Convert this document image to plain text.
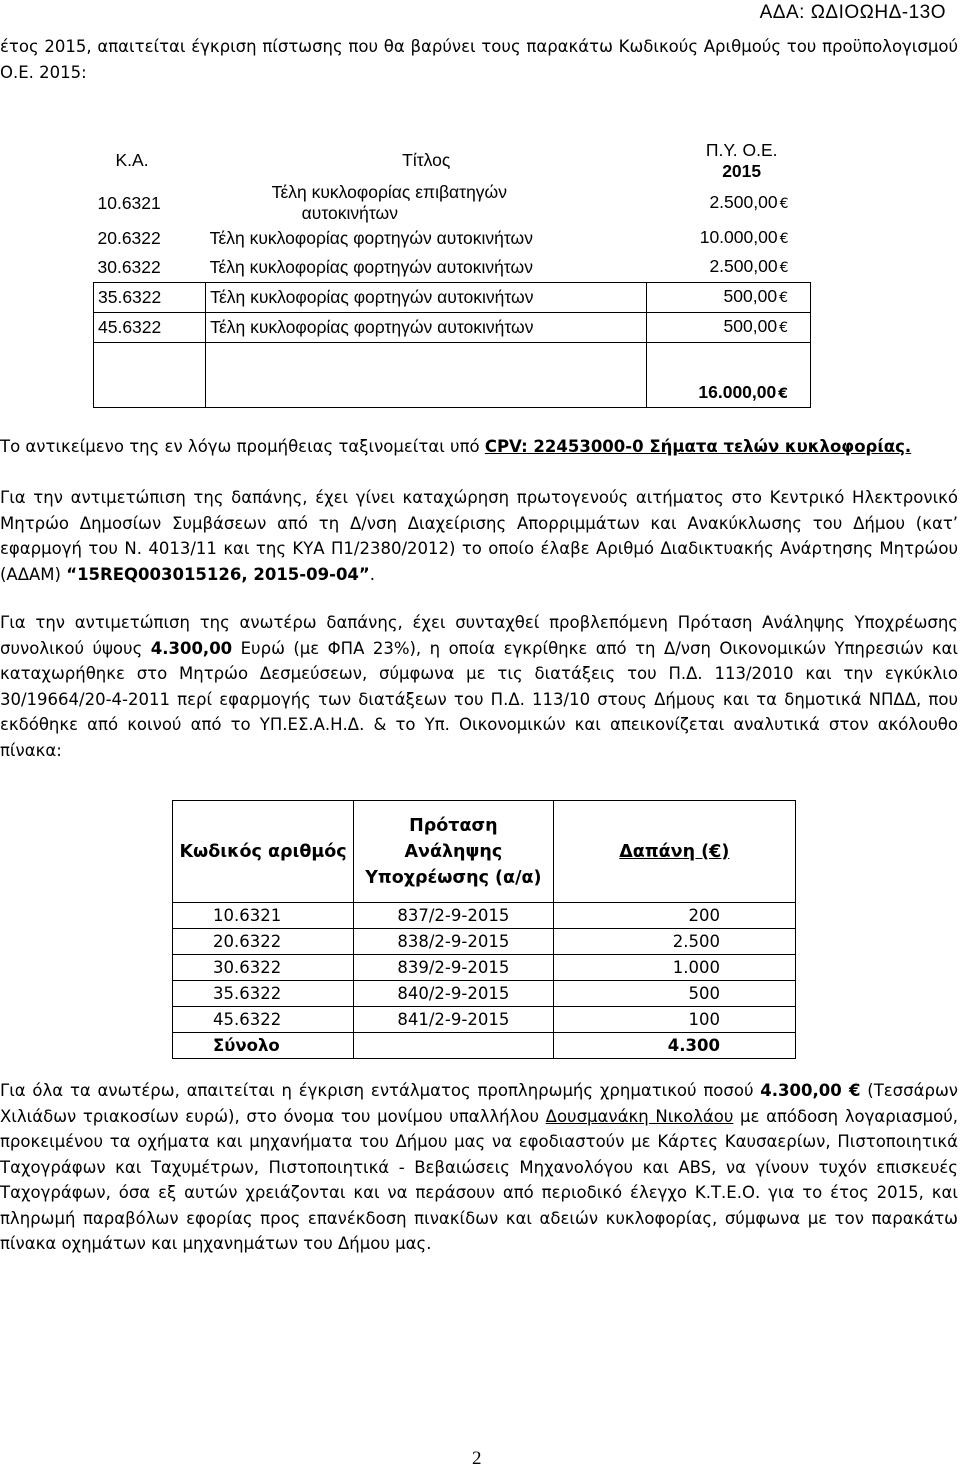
ΑΔΑ: ΩΔΙΟΩΗΔ-13Ο
έτος 2015, απαιτείται έγκριση πίστωσης που θα βαρύνει τους παρακάτω Κωδικούς Αριθμούς του προϋπολογισμού Ο.Ε. 2015:
Κ.Α.	Τίτλος	Π.Υ. Ο.Ε.
2015
10.6321	Τέλη κυκλοφορίας επιβατηγών
αυτοκινήτων	2.500,00 €
20.6322	Τέλη κυκλοφορίας φορτηγών αυτοκινήτων	10.000,00 €
30.6322	Τέλη κυκλοφορίας φορτηγών αυτοκινήτων	2.500,00 €
35.6322	Τέλη κυκλοφορίας φορτηγών αυτοκινήτων	500,00 €
45.6322	Τέλη κυκλοφορίας φορτηγών αυτοκινήτων	500,00 €
		16.000,00 €
Το αντικείμενο της εν λόγω προμήθειας ταξινομείται υπό CPV: 22453000-0 Σήματα τελών κυκλοφορίας.
Για την αντιμετώπιση της δαπάνης, έχει γίνει καταχώρηση πρωτογενούς αιτήματος στο Κεντρικό Ηλεκτρονικό Μητρώο Δημοσίων Συμβάσεων από τη Δ/νση Διαχείρισης Απορριμμάτων και Ανακύκλωσης του Δήμου (κατ’ εφαρμογή του Ν. 4013/11 και της ΚΥΑ Π1/2380/2012) το οποίο έλαβε Αριθμό Διαδικτυακής Ανάρτησης Μητρώου (ΑΔΑΜ) “15REQ003015126, 2015-09-04”.
Για την αντιμετώπιση της ανωτέρω δαπάνης, έχει συνταχθεί προβλεπόμενη Πρόταση Ανάληψης Υποχρέωσης συνολικού ύψους 4.300,00 Ευρώ (με ΦΠΑ 23%), η οποία εγκρίθηκε από τη Δ/νση Οικονομικών Υπηρεσιών και καταχωρήθηκε στο Μητρώο Δεσμεύσεων, σύμφωνα με τις διατάξεις του Π.Δ. 113/2010 και την εγκύκλιο 30/19664/20-4-2011 περί εφαρμογής των διατάξεων του Π.Δ. 113/10 στους Δήμους και τα δημοτικά ΝΠΔΔ, που εκδόθηκε από κοινού από το ΥΠ.ΕΣ.Α.Η.Δ. & το Υπ. Οικονομικών και απεικονίζεται αναλυτικά στον ακόλουθο πίνακα:
Κωδικός αριθμός	Πρόταση Ανάληψης Υποχρέωσης (α/α)	Δαπάνη (€)
10.6321	837/2-9-2015	200
20.6322	838/2-9-2015	2.500
30.6322	839/2-9-2015	1.000
35.6322	840/2-9-2015	500
45.6322	841/2-9-2015	100
Σύνολο		4.300
Για όλα τα ανωτέρω, απαιτείται η έγκριση εντάλματος προπληρωμής χρηματικού ποσού 4.300,00 € (Τεσσάρων Χιλιάδων τριακοσίων ευρώ), στο όνομα του μονίμου υπαλλήλου Δουσμανάκη Νικολάου με απόδοση λογαριασμού, προκειμένου τα οχήματα και μηχανήματα του Δήμου μας να εφοδιαστούν με Κάρτες Καυσαερίων, Πιστοποιητικά Ταχογράφων και Ταχυμέτρων, Πιστοποιητικά - Βεβαιώσεις Μηχανολόγου και ABS, να γίνουν τυχόν επισκευές Ταχογράφων, όσα εξ αυτών χρειάζονται και να περάσουν από περιοδικό έλεγχο Κ.Τ.Ε.Ο. για το έτος 2015, και πληρωμή παραβόλων εφορίας προς επανέκδοση πινακίδων και αδειών κυκλοφορίας, σύμφωνα με τον παρακάτω πίνακα οχημάτων και μηχανημάτων του Δήμου μας.
2
